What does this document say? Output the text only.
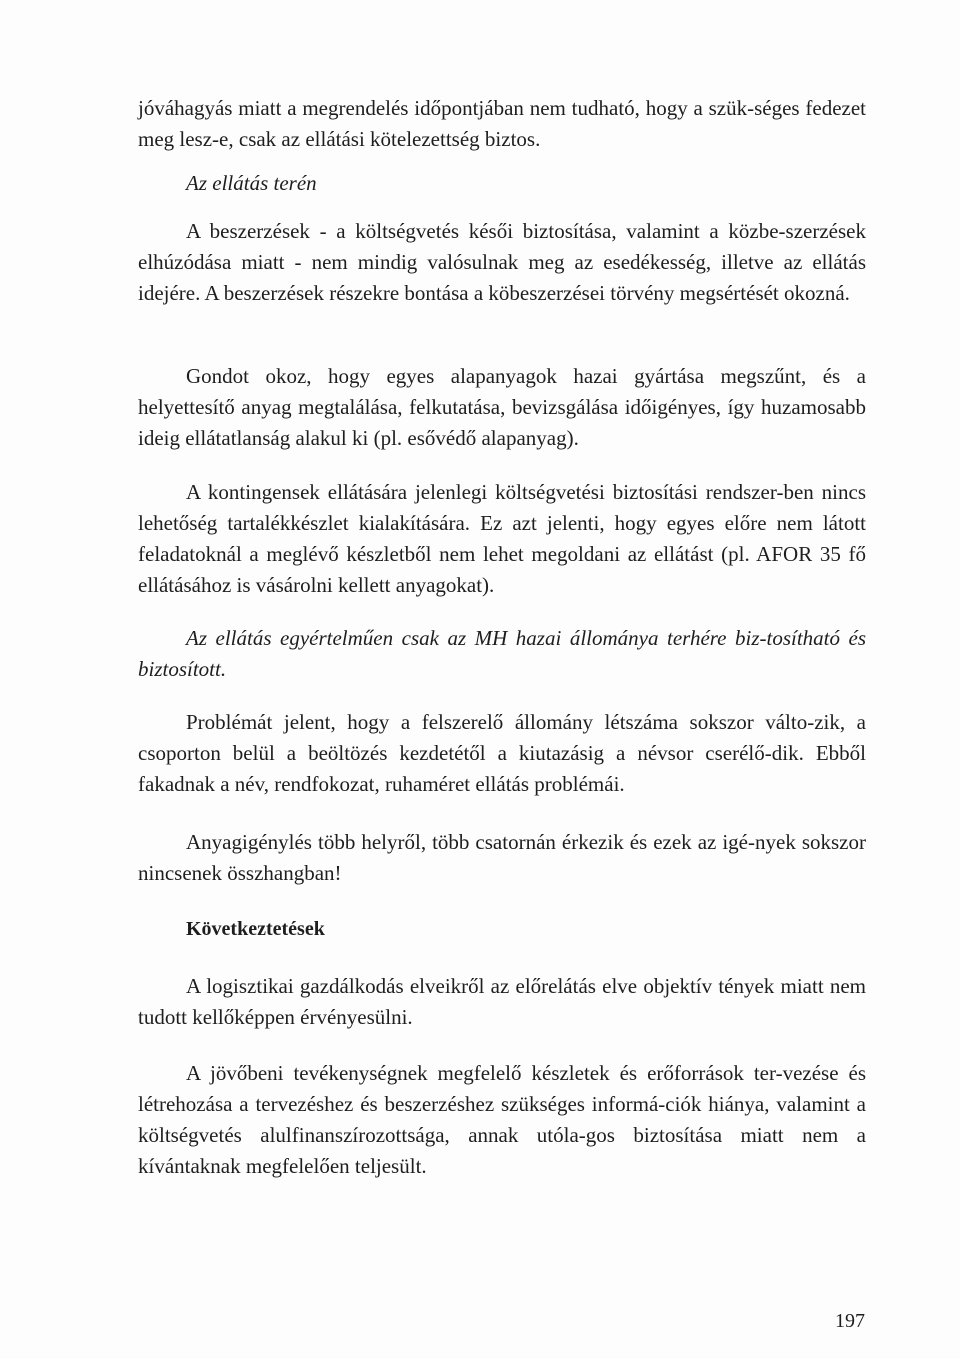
jóváhagyás miatt a megrendelés időpontjában nem tudható, hogy a szük-séges fedezet meg lesz-e, csak az ellátási kötelezettség biztos.

Az ellátás terén

A beszerzések - a költségvetés késői biztosítása, valamint a közbe-szerzések elhúzódása miatt - nem mindig valósulnak meg az esedékesség, illetve az ellátás idejére. A beszerzések részekre bontása a köbeszerzései törvény megsértését okozná.

Gondot okoz, hogy egyes alapanyagok hazai gyártása megszűnt, és a helyettesítő anyag megtalálása, felkutatása, bevizsgálása időigényes, így huzamosabb ideig ellátatlanság alakul ki (pl. esővédő alapanyag).

A kontingensek ellátására jelenlegi költségvetési biztosítási rendszer-ben nincs lehetőség tartalékkészlet kialakítására. Ez azt jelenti, hogy egyes előre nem látott feladatoknál a meglévő készletből nem lehet megoldani az ellátást (pl. AFOR 35 fő ellátásához is vásárolni kellett anyagokat).

Az ellátás egyértelműen csak az MH hazai állománya terhére biz-tosítható és biztosított.

Problémát jelent, hogy a felszerelő állomány létszáma sokszor válto-zik, a csoporton belül a beöltözés kezdetétől a kiutazásig a névsor cserélő-dik. Ebből fakadnak a név, rendfokozat, ruhaméret ellátás problémái.

Anyagigénylés több helyről, több csatornán érkezik és ezek az igé-nyek sokszor nincsenek összhangban!

Következtetések

A logisztikai gazdálkodás elveikről az előrelátás elve objektív tények miatt nem tudott kellőképpen érvényesülni.

A jövőbeni tevékenységnek megfelelő készletek és erőforrások ter-vezése és létrehozása a tervezéshez és beszerzéshez szükséges informá-ciók hiánya, valamint a költségvetés alulfinanszírozottsága, annak utóla-gos biztosítása miatt nem a kívántaknak megfelelően teljesült.

197
